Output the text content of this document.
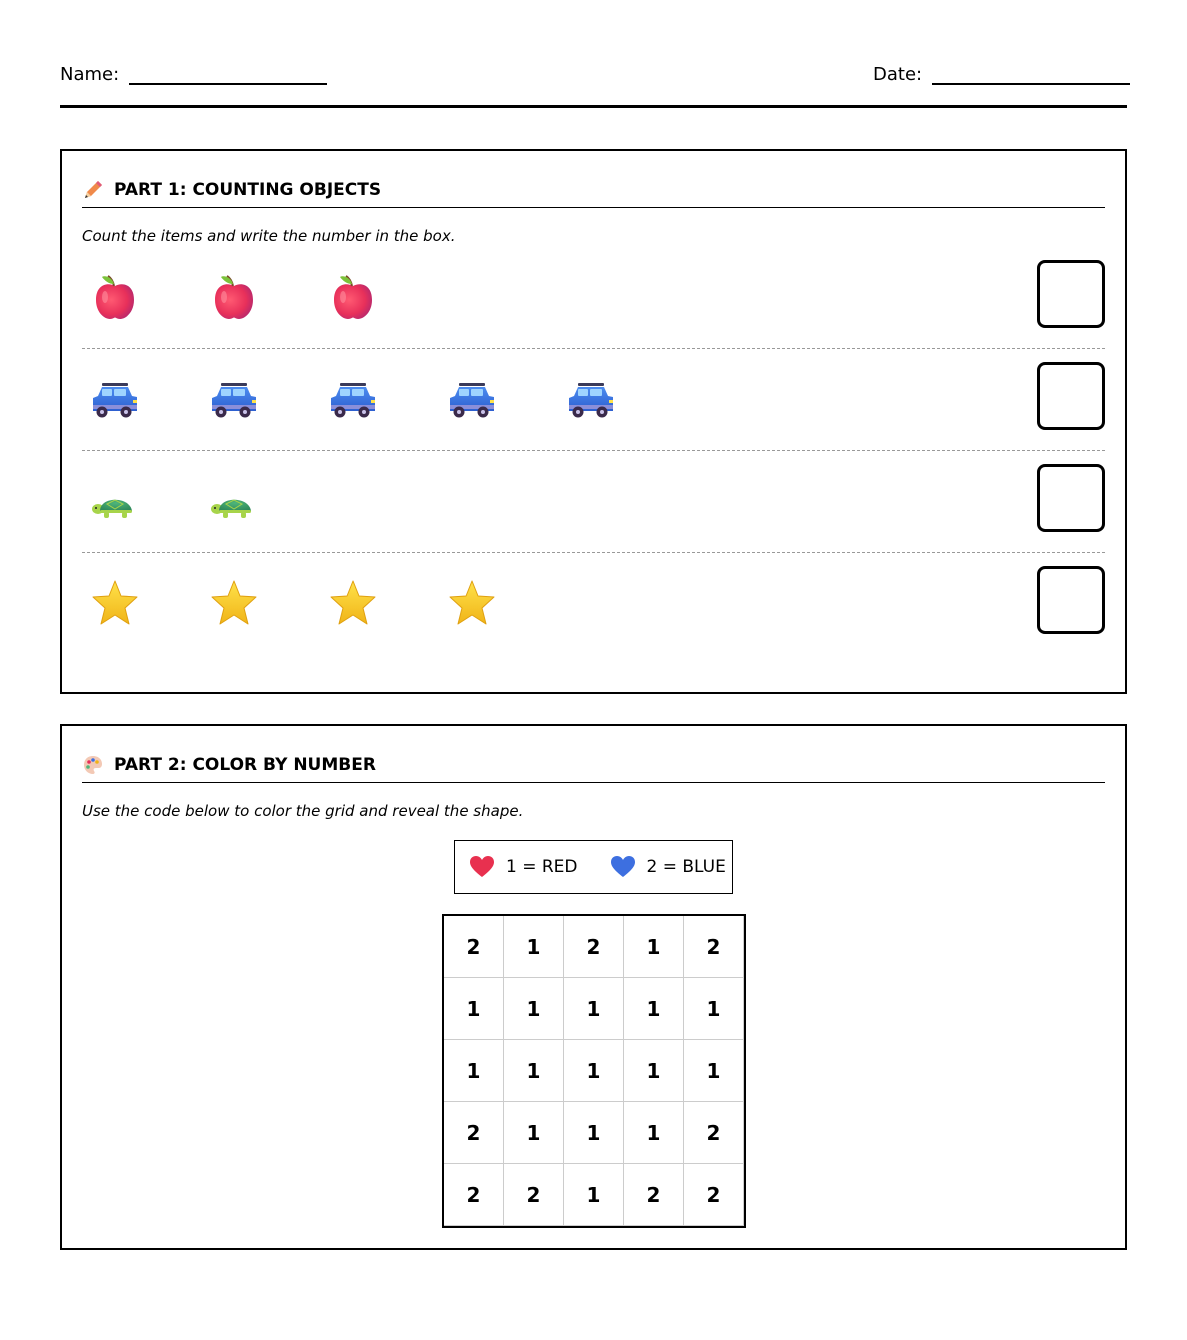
Name:	Date:
PART 1: COUNTING OBJECTS
Count the items and write the number in the box.
PART 2: COLOR BY NUMBER
Use the code below to color the grid and reveal the shape.
1 = RED	2 = BLUE
2	1	2	1	2
1	1	1	1	1
1	1	1	1	1
2	1	1	1	2
2	2	1	2	2
